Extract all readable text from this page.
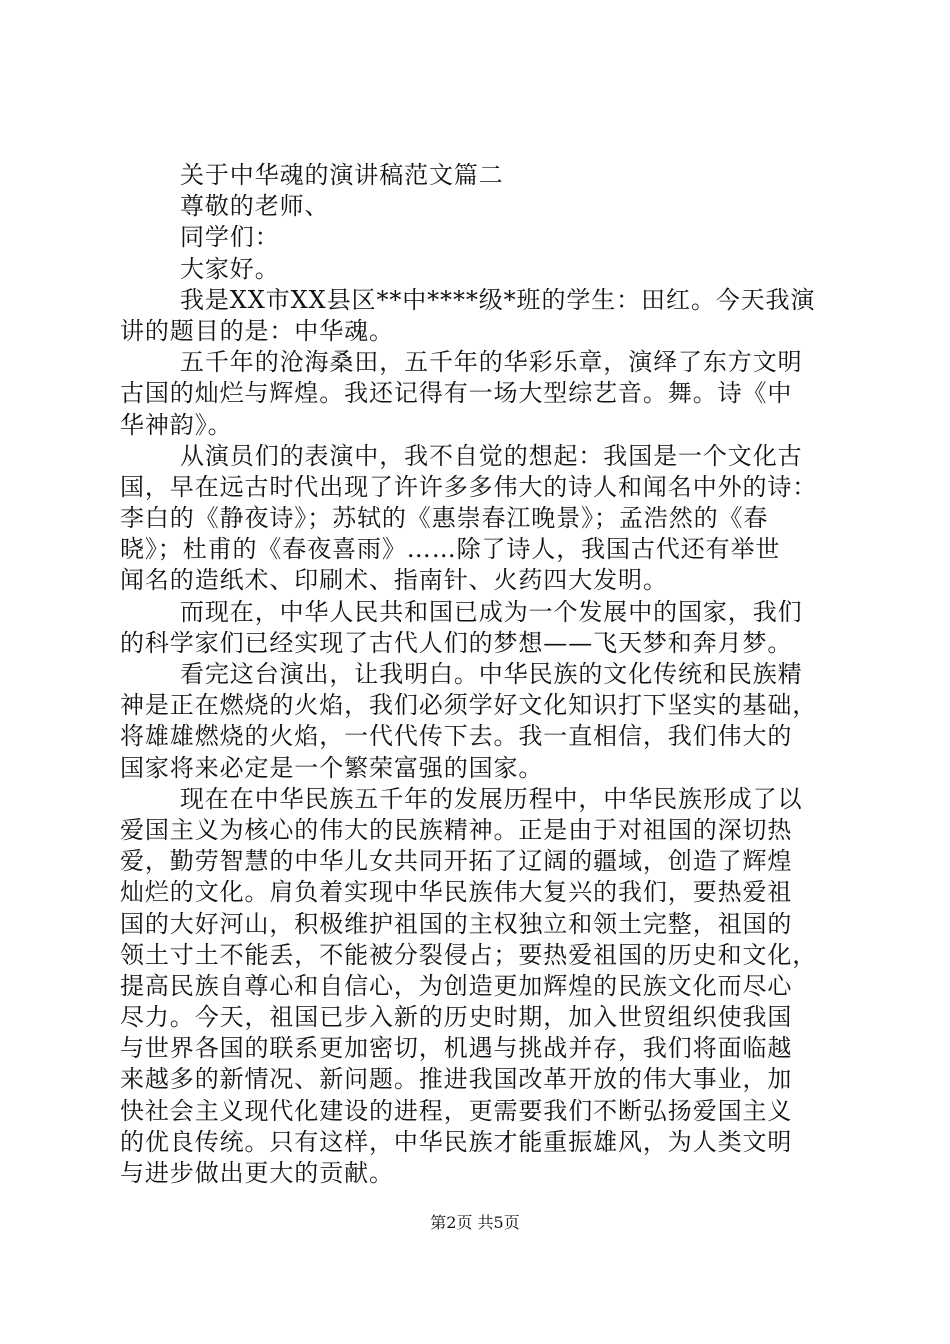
关于中华魂的演讲稿范文篇二
尊敬的老师、
同学们：
大家好。
我是XX市XX县区**中****级*班的学生：田红。今天我演
讲的题目的是：中华魂。
五千年的沧海桑田，五千年的华彩乐章，演绎了东方文明
古国的灿烂与辉煌。我还记得有一场大型综艺音。舞。诗《中
华神韵》。
从演员们的表演中，我不自觉的想起：我国是一个文化古
国，早在远古时代出现了许许多多伟大的诗人和闻名中外的诗：
李白的《静夜诗》；苏轼的《惠崇春江晚景》；孟浩然的《春
晓》；杜甫的《春夜喜雨》……除了诗人，我国古代还有举世
闻名的造纸术、印刷术、指南针、火药四大发明。
而现在，中华人民共和国已成为一个发展中的国家，我们
的科学家们已经实现了古代人们的梦想——飞天梦和奔月梦。
看完这台演出，让我明白。中华民族的文化传统和民族精
神是正在燃烧的火焰，我们必须学好文化知识打下坚实的基础，
将雄雄燃烧的火焰，一代代传下去。我一直相信，我们伟大的
国家将来必定是一个繁荣富强的国家。
现在在中华民族五千年的发展历程中，中华民族形成了以
爱国主义为核心的伟大的民族精神。正是由于对祖国的深切热
爱，勤劳智慧的中华儿女共同开拓了辽阔的疆域，创造了辉煌
灿烂的文化。肩负着实现中华民族伟大复兴的我们，要热爱祖
国的大好河山，积极维护祖国的主权独立和领土完整，祖国的
领土寸土不能丢，不能被分裂侵占；要热爱祖国的历史和文化，
提高民族自尊心和自信心，为创造更加辉煌的民族文化而尽心
尽力。今天，祖国已步入新的历史时期，加入世贸组织使我国
与世界各国的联系更加密切，机遇与挑战并存，我们将面临越
来越多的新情况、新问题。推进我国改革开放的伟大事业，加
快社会主义现代化建设的进程，更需要我们不断弘扬爱国主义
的优良传统。只有这样，中华民族才能重振雄风，为人类文明
与进步做出更大的贡献。
第2页 共5页
